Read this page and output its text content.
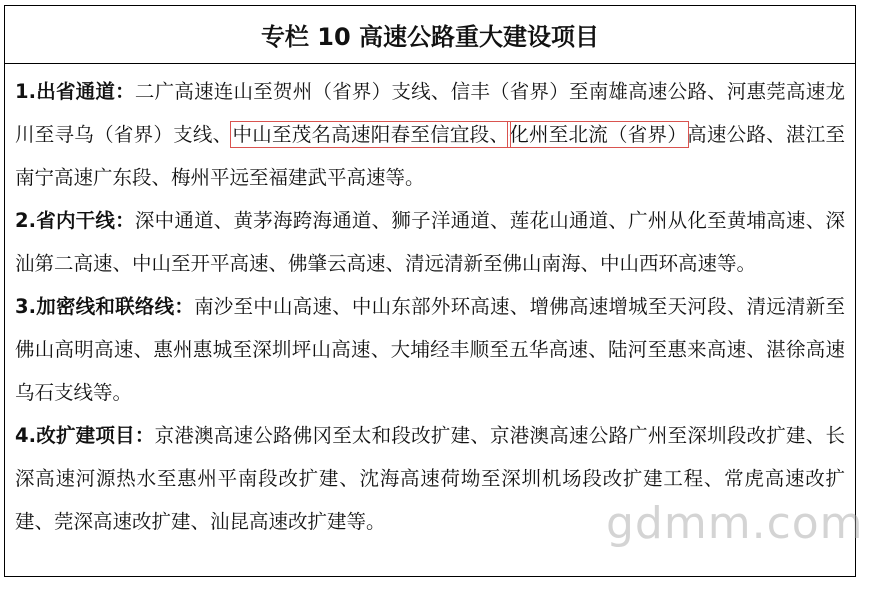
专栏 10 高速公路重大建设项目

1.出省通道：二广高速连山至贺州（省界）支线、信丰（省界）至南雄高速公路、河惠莞高速龙川至寻乌（省界）支线、中山至茂名高速阳春至信宜段、化州至北流（省界）高速公路、湛江至南宁高速广东段、梅州平远至福建武平高速等。

2.省内干线：深中通道、黄茅海跨海通道、狮子洋通道、莲花山通道、广州从化至黄埔高速、深汕第二高速、中山至开平高速、佛肇云高速、清远清新至佛山南海、中山西环高速等。

3.加密线和联络线：南沙至中山高速、中山东部外环高速、增佛高速增城至天河段、清远清新至佛山高明高速、惠州惠城至深圳坪山高速、大埔经丰顺至五华高速、陆河至惠来高速、湛徐高速乌石支线等。

4.改扩建项目：京港澳高速公路佛冈至太和段改扩建、京港澳高速公路广州至深圳段改扩建、长深高速河源热水至惠州平南段改扩建、沈海高速荷坳至深圳机场段改扩建工程、常虎高速改扩建、莞深高速改扩建、汕昆高速改扩建等。	gdmm.com
